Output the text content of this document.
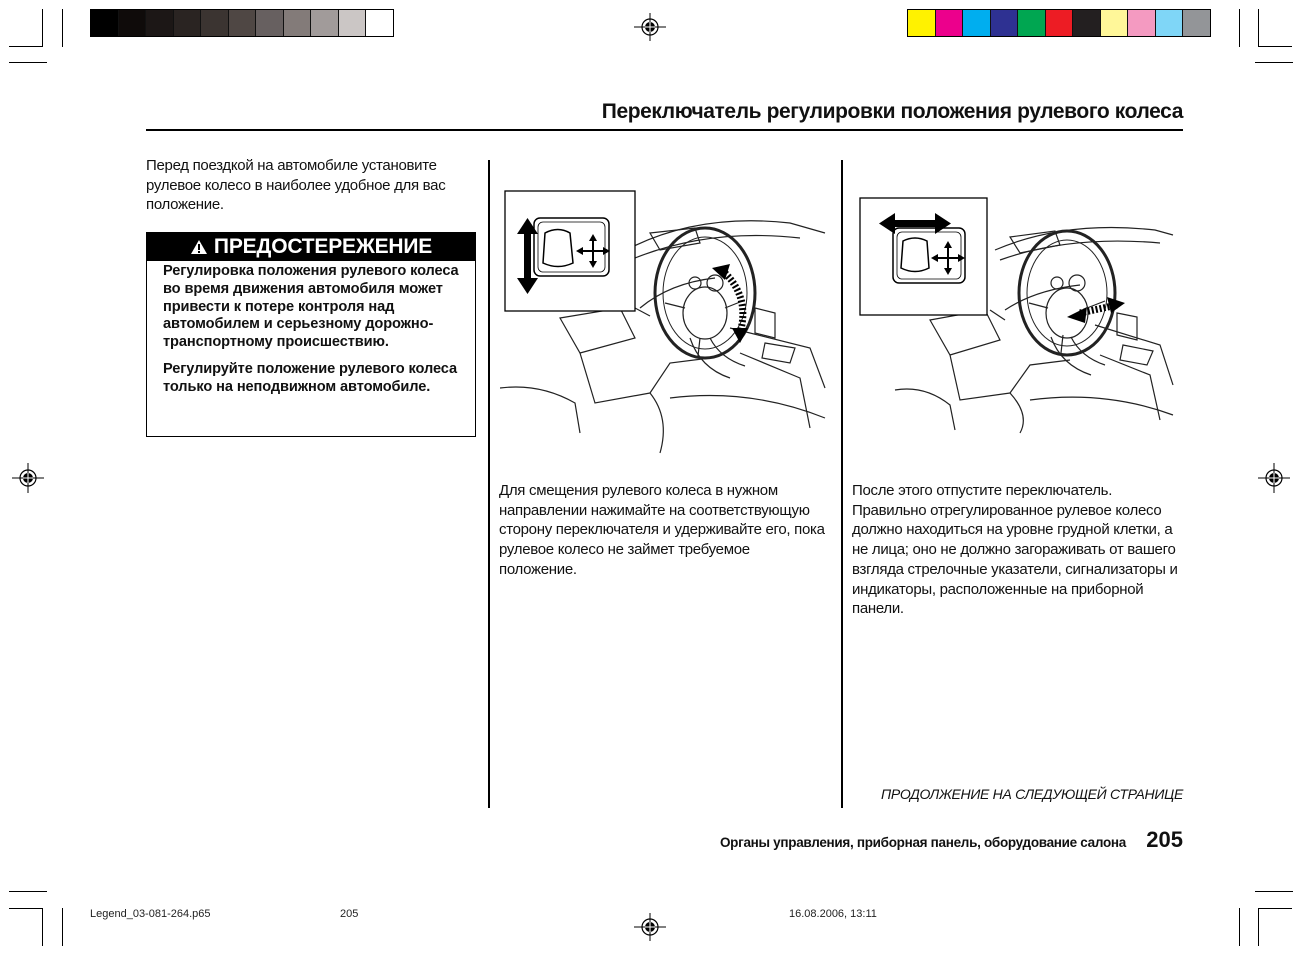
Переключатель регулировки положения рулевого колеса
Перед поездкой на автомобиле установите рулевое колесо в наиболее удобное для вас положение.
ПРЕДОСТЕРЕЖЕНИЕ

Регулировка положения рулевого колеса во время движения автомобиля может привести к потере контроля над автомобилем и серьезному дорожно-транспортному происшествию.

Регулируйте положение рулевого колеса только на неподвижном автомобиле.

Для смещения рулевого колеса в нужном направлении нажимайте на соответствующую сторону переключателя и удерживайте его, пока рулевое колесо не займет требуемое положение.
После этого отпустите переключатель. Правильно отрегулированное рулевое колесо должно находиться на уровне грудной клетки, а не лица; оно не должно загораживать от вашего взгляда стрелочные указатели, сигнализаторы и индикаторы, расположенные на приборной панели.
ПРОДОЛЖЕНИЕ НА СЛЕДУЮЩЕЙ СТРАНИЦЕ
Органы управления, приборная панель, оборудование салона 205
Legend_03-081-264.p65	205	16.08.2006, 13:11
